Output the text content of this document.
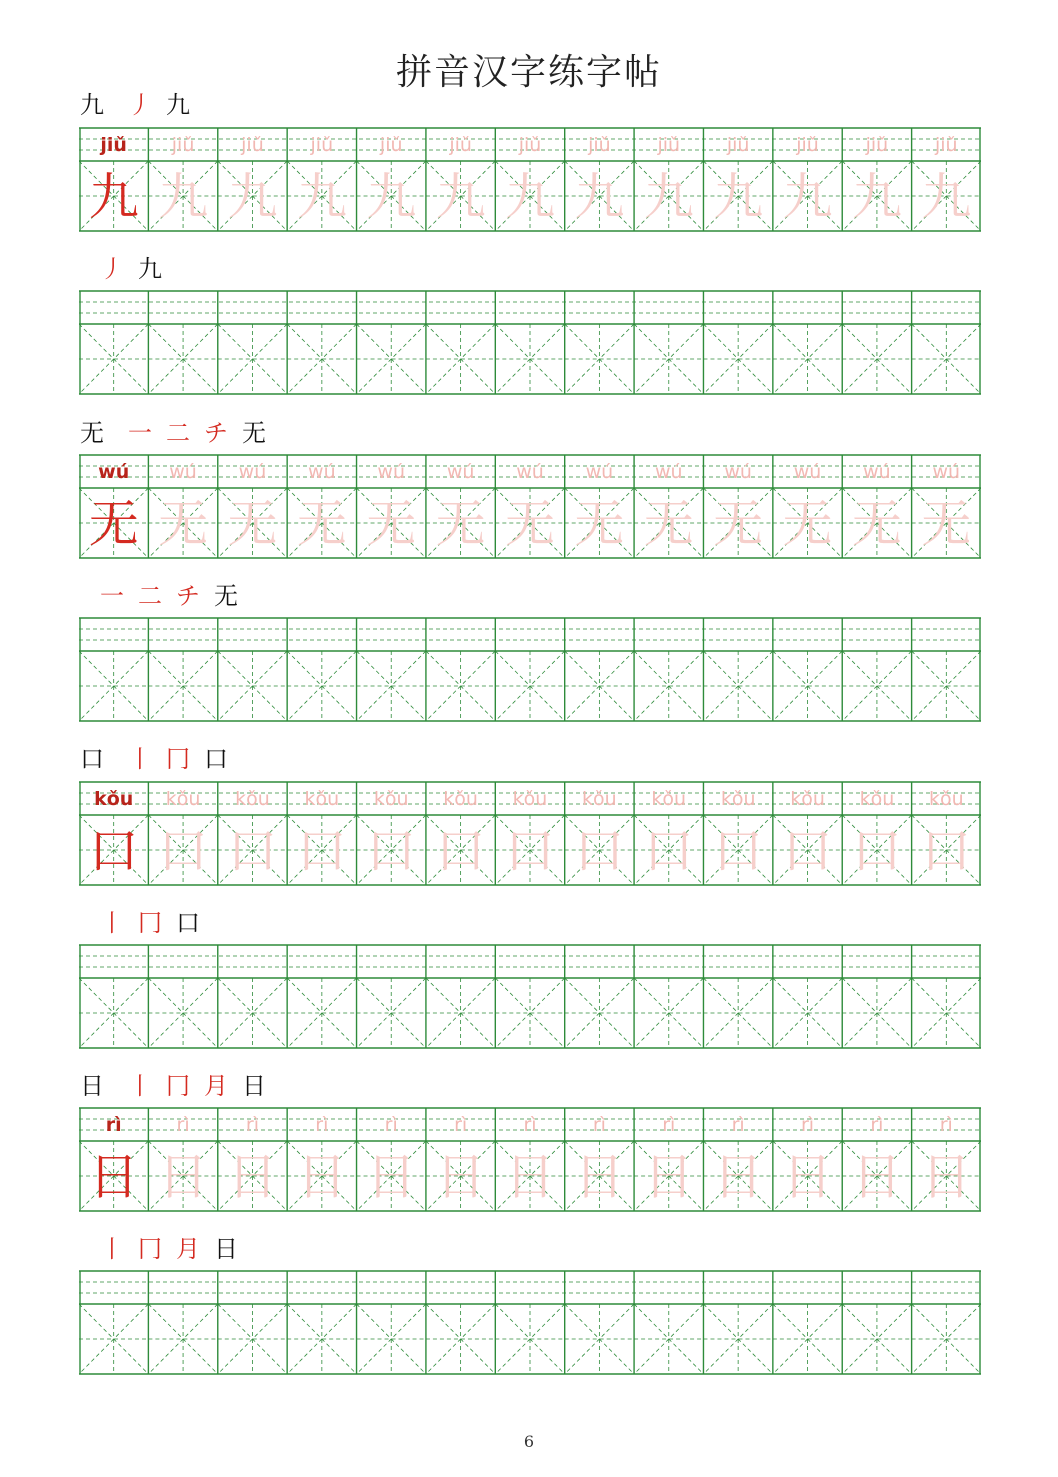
拼音汉字练字帖
九 丿 九
jiǔ
九
jiǔ
九
jiǔ
九
jiǔ
九
jiǔ
九
jiǔ
九
jiǔ
九
jiǔ
九
jiǔ
九
jiǔ
九
jiǔ
九
jiǔ
九
jiǔ
九
丿 九
无 一 二 チ 无
wú
无
wú
无
wú
无
wú
无
wú
无
wú
无
wú
无
wú
无
wú
无
wú
无
wú
无
wú
无
wú
无
一 二 チ 无
口 丨 冂 口
kǒu
口
kǒu
口
kǒu
口
kǒu
口
kǒu
口
kǒu
口
kǒu
口
kǒu
口
kǒu
口
kǒu
口
kǒu
口
kǒu
口
kǒu
口
丨 冂 口
日 丨 冂 月 日
rì
日
rì
日
rì
日
rì
日
rì
日
rì
日
rì
日
rì
日
rì
日
rì
日
rì
日
rì
日
rì
日
丨 冂 月 日
6
